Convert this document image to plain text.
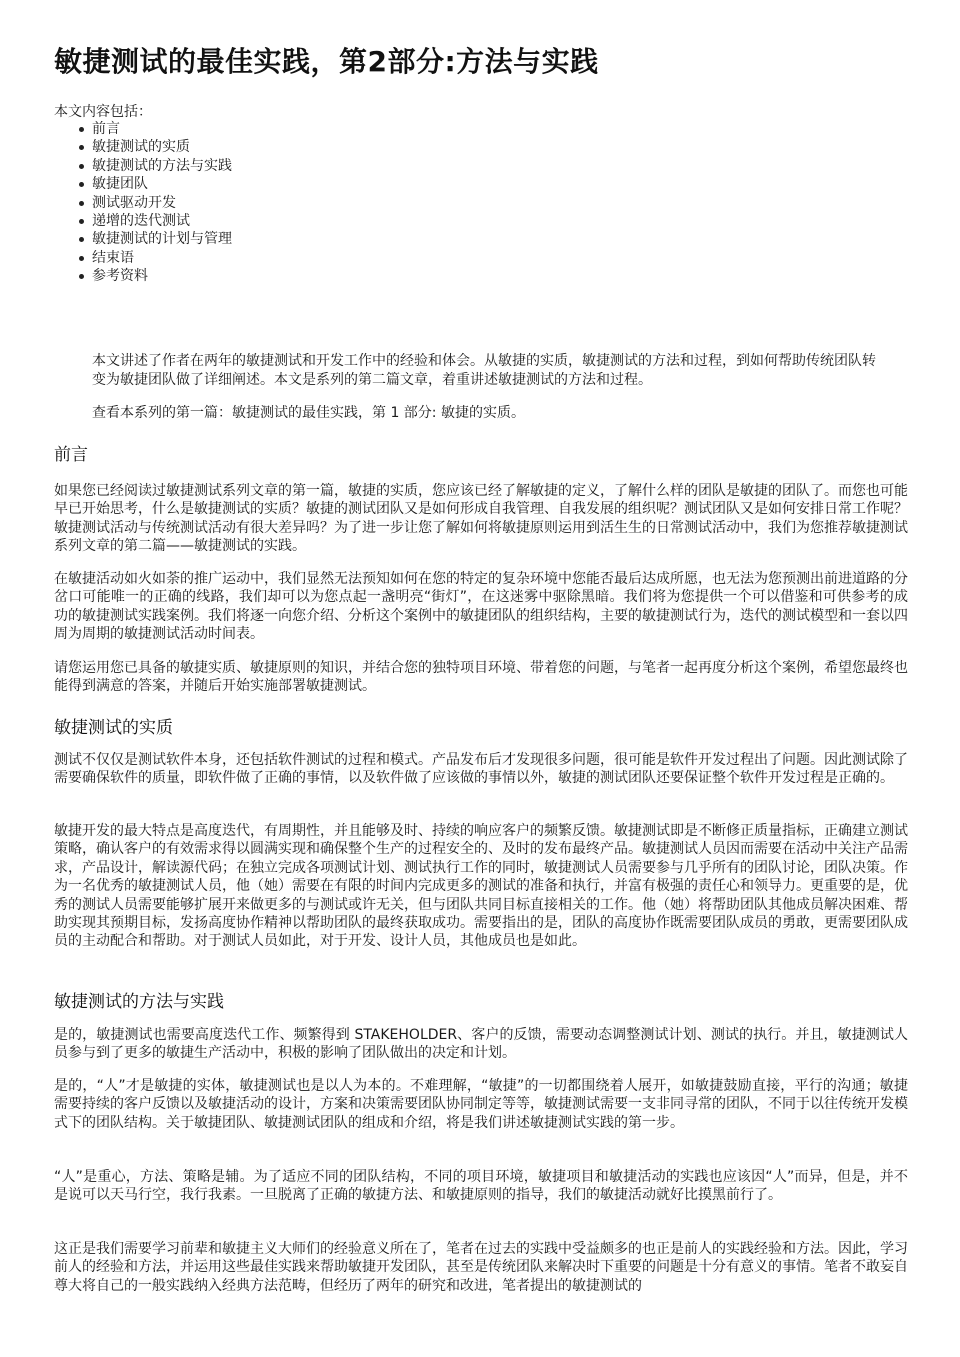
敏捷测试的最佳实践，第2部分:方法与实践
本文内容包括：
前言
敏捷测试的实质
敏捷测试的方法与实践
敏捷团队
测试驱动开发
递增的迭代测试
敏捷测试的计划与管理
结束语
参考资料
本文讲述了作者在两年的敏捷测试和开发工作中的经验和体会。从敏捷的实质，敏捷测试的方法和过程，到如何帮助传统团队转变为敏捷团队做了详细阐述。本文是系列的第二篇文章，着重讲述敏捷测试的方法和过程。
查看本系列的第一篇：敏捷测试的最佳实践，第 1 部分: 敏捷的实质。
前言

如果您已经阅读过敏捷测试系列文章的第一篇，敏捷的实质，您应该已经了解敏捷的定义，了解什么样的团队是敏捷的团队了。而您也可能早已开始思考，什么是敏捷测试的实质？敏捷的测试团队又是如何形成自我管理、自我发展的组织呢？测试团队又是如何安排日常工作呢？敏捷测试活动与传统测试活动有很大差异吗？为了进一步让您了解如何将敏捷原则运用到活生生的日常测试活动中，我们为您推荐敏捷测试系列文章的第二篇——敏捷测试的实践。

在敏捷活动如火如荼的推广运动中，我们显然无法预知如何在您的特定的复杂环境中您能否最后达成所愿，也无法为您预测出前进道路的分岔口可能唯一的正确的线路，我们却可以为您点起一盏明亮“街灯”，在这迷雾中驱除黑暗。我们将为您提供一个可以借鉴和可供参考的成功的敏捷测试实践案例。我们将逐一向您介绍、分析这个案例中的敏捷团队的组织结构，主要的敏捷测试行为，迭代的测试模型和一套以四周为周期的敏捷测试活动时间表。

请您运用您已具备的敏捷实质、敏捷原则的知识，并结合您的独特项目环境、带着您的问题，与笔者一起再度分析这个案例，希望您最终也能得到满意的答案，并随后开始实施部署敏捷测试。

敏捷测试的实质

测试不仅仅是测试软件本身，还包括软件测试的过程和模式。产品发布后才发现很多问题，很可能是软件开发过程出了问题。因此测试除了需要确保软件的质量，即软件做了正确的事情，以及软件做了应该做的事情以外，敏捷的测试团队还要保证整个软件开发过程是正确的。

敏捷开发的最大特点是高度迭代，有周期性，并且能够及时、持续的响应客户的频繁反馈。敏捷测试即是不断修正质量指标，正确建立测试策略，确认客户的有效需求得以圆满实现和确保整个生产的过程安全的、及时的发布最终产品。敏捷测试人员因而需要在活动中关注产品需求，产品设计，解读源代码；在独立完成各项测试计划、测试执行工作的同时，敏捷测试人员需要参与几乎所有的团队讨论，团队决策。作为一名优秀的敏捷测试人员，他（她）需要在有限的时间内完成更多的测试的准备和执行，并富有极强的责任心和领导力。更重要的是，优秀的测试人员需要能够扩展开来做更多的与测试或许无关，但与团队共同目标直接相关的工作。他（她）将帮助团队其他成员解决困难、帮助实现其预期目标，发扬高度协作精神以帮助团队的最终获取成功。需要指出的是，团队的高度协作既需要团队成员的勇敢，更需要团队成员的主动配合和帮助。对于测试人员如此，对于开发、设计人员，其他成员也是如此。

敏捷测试的方法与实践

是的，敏捷测试也需要高度迭代工作、频繁得到 STAKEHOLDER、客户的反馈，需要动态调整测试计划、测试的执行。并且，敏捷测试人员参与到了更多的敏捷生产活动中，积极的影响了团队做出的决定和计划。

是的，“人”才是敏捷的实体，敏捷测试也是以人为本的。不难理解，“敏捷”的一切都围绕着人展开，如敏捷鼓励直接，平行的沟通；敏捷需要持续的客户反馈以及敏捷活动的设计，方案和决策需要团队协同制定等等，敏捷测试需要一支非同寻常的团队，不同于以往传统开发模式下的团队结构。关于敏捷团队、敏捷测试团队的组成和介绍，将是我们讲述敏捷测试实践的第一步。

“人”是重心，方法、策略是辅。为了适应不同的团队结构，不同的项目环境，敏捷项目和敏捷活动的实践也应该因“人”而异，但是，并不是说可以天马行空，我行我素。一旦脱离了正确的敏捷方法、和敏捷原则的指导，我们的敏捷活动就好比摸黑前行了。

这正是我们需要学习前辈和敏捷主义大师们的经验意义所在了，笔者在过去的实践中受益颇多的也正是前人的实践经验和方法。因此，学习前人的经验和方法，并运用这些最佳实践来帮助敏捷开发团队，甚至是传统团队来解决时下重要的问题是十分有意义的事情。笔者不敢妄自尊大将自己的一般实践纳入经典方法范畴，但经历了两年的研究和改进，笔者提出的敏捷测试的
